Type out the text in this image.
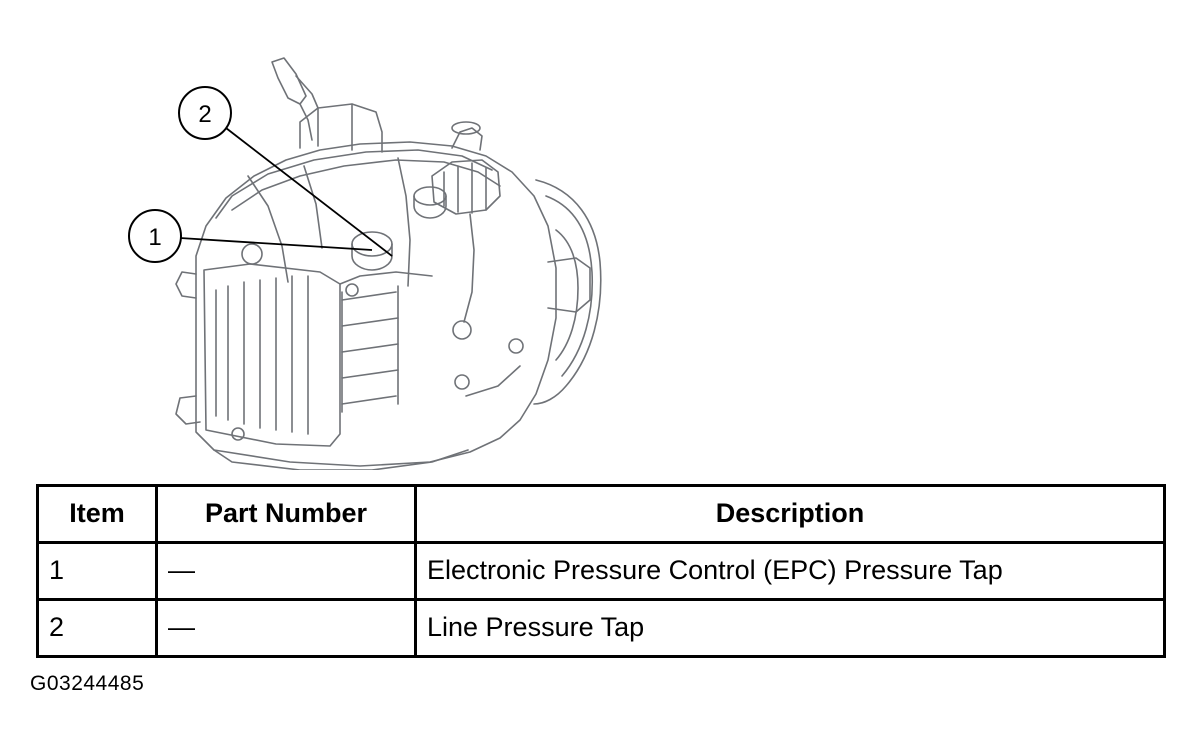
2
1
Item	Part Number	Description
1	—	Electronic Pressure Control (EPC) Pressure Tap
2	—	Line Pressure Tap
G03244485
